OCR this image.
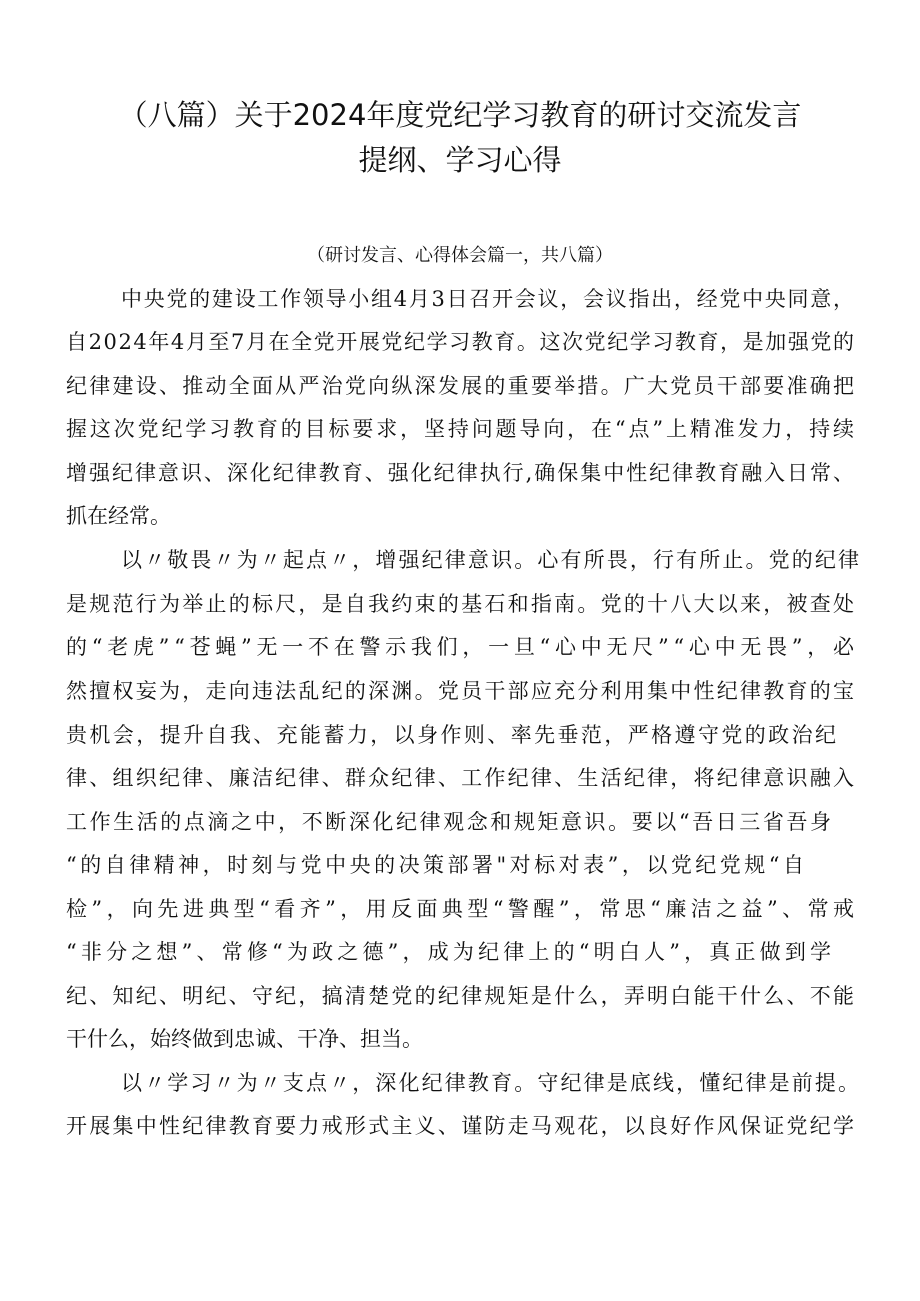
（八篇）关于2024年度党纪学习教育的研讨交流发言
提纲、学习心得
（研讨发言、心得体会篇一，共八篇）
中央党的建设工作领导小组4月3日召开会议，会议指出，经党中央同意，
自2024年4月至7月在全党开展党纪学习教育。这次党纪学习教育，是加强党的
纪律建设、推动全面从严治党向纵深发展的重要举措。广大党员干部要准确把
握这次党纪学习教育的目标要求，坚持问题导向，在“点”上精准发力，持续
增强纪律意识、深化纪律教育、强化纪律执行,确保集中性纪律教育融入日常、
抓在经常。
以〃敬畏〃为〃起点〃，增强纪律意识。心有所畏，行有所止。党的纪律
是规范行为举止的标尺，是自我约束的基石和指南。党的十八大以来，被查处
的“老虎”“苍蝇”无一不在警示我们，一旦“心中无尺”“心中无畏”，必
然擅权妄为，走向违法乱纪的深渊。党员干部应充分利用集中性纪律教育的宝
贵机会，提升自我、充能蓄力，以身作则、率先垂范，严格遵守党的政治纪
律、组织纪律、廉洁纪律、群众纪律、工作纪律、生活纪律，将纪律意识融入
工作生活的点滴之中，不断深化纪律观念和规矩意识。要以“吾日三省吾身
“的自律精神，时刻与党中央的决策部署"对标对表”，以党纪党规“自
检”，向先进典型“看齐”，用反面典型“警醒”，常思“廉洁之益”、常戒
“非分之想”、常修“为政之德”，成为纪律上的“明白人”，真正做到学
纪、知纪、明纪、守纪，搞清楚党的纪律规矩是什么，弄明白能干什么、不能
干什么，始终做到忠诚、干净、担当。
以〃学习〃为〃支点〃，深化纪律教育。守纪律是底线，懂纪律是前提。
开展集中性纪律教育要力戒形式主义、谨防走马观花，以良好作风保证党纪学
